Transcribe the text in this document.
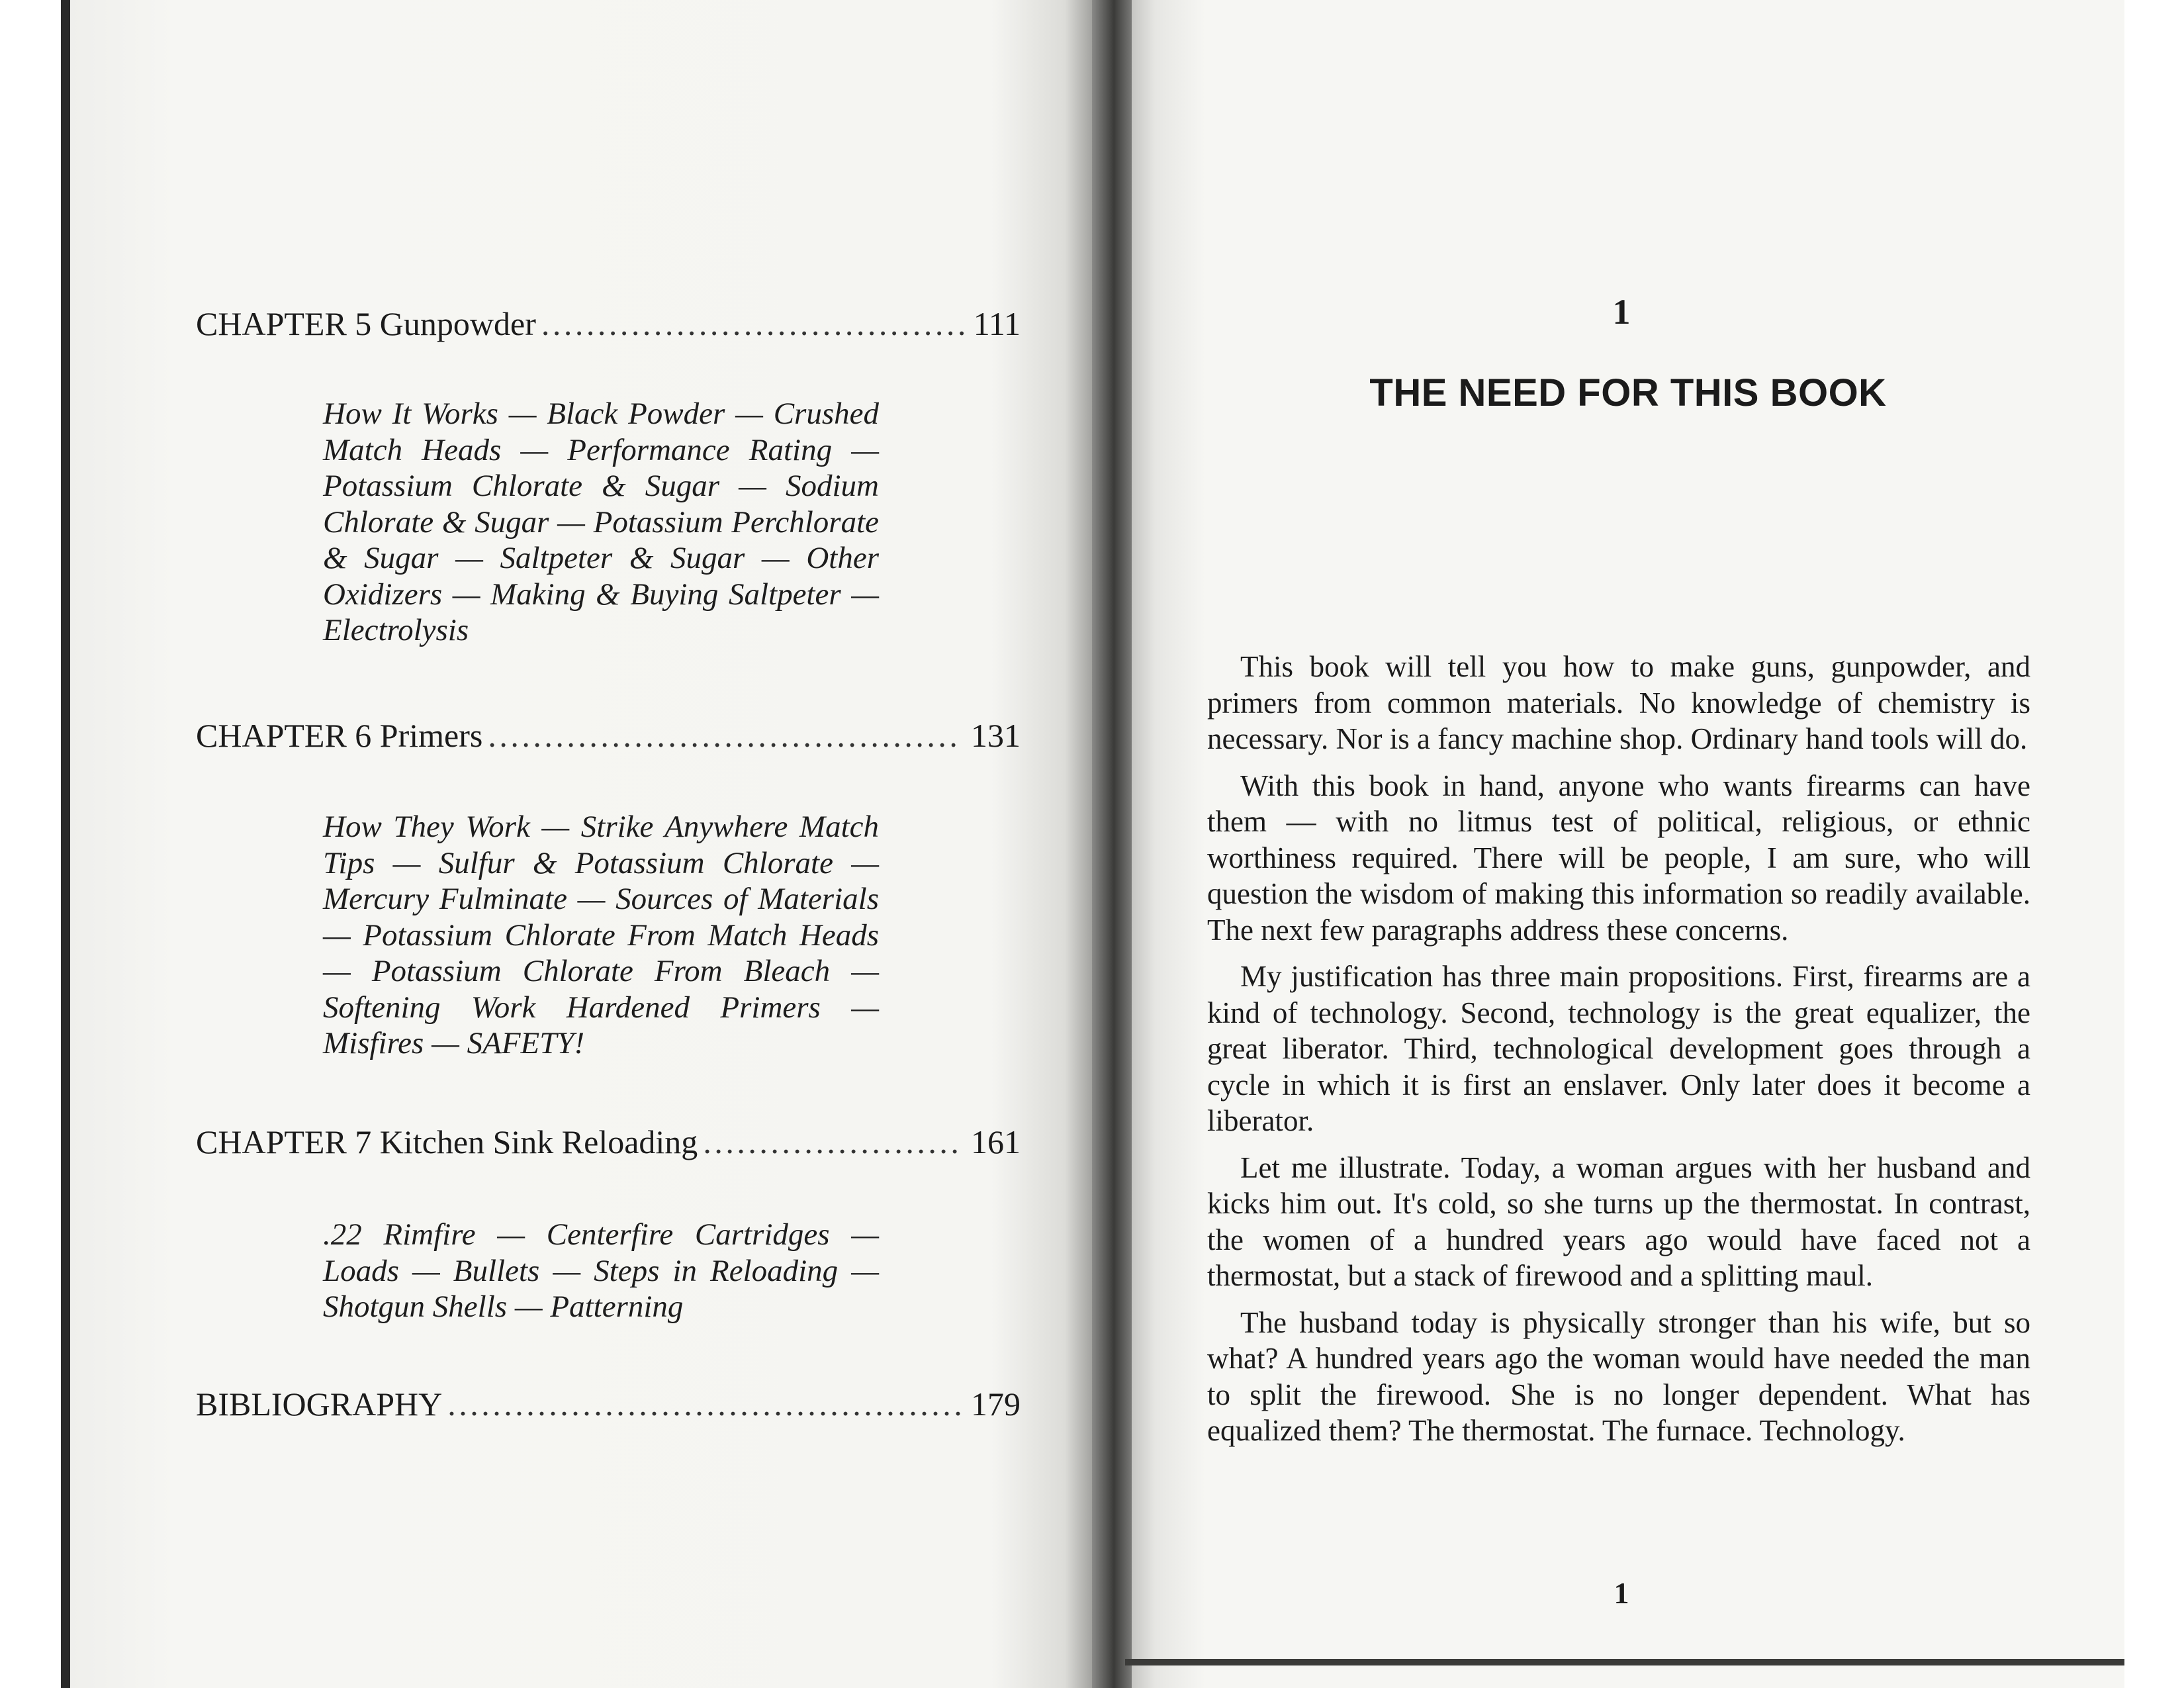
CHAPTER 5 Gunpowder . . .	111
How It Works — Black Powder — Crushed Match Heads — Performance Rating — Potassium Chlorate & Sugar — Sodium Chlorate & Sugar — Potassium Perchlorate & Sugar — Saltpeter & Sugar — Other Oxidizers — Making & Buying Saltpeter — Electrolysis
CHAPTER 6 Primers . . .	131
How They Work — Strike Anywhere Match Tips — Sulfur & Potassium Chlorate —Mercury Fulminate — Sources of Materials — Potassium Chlorate From Match Heads — Potassium Chlorate From Bleach — Softening Work Hardened Primers — Misfires — SAFETY!
CHAPTER 7 Kitchen Sink Reloading . . .	161
.22 Rimfire — Centerfire Cartridges — Loads — Bullets — Steps in Reloading — Shotgun Shells — Patterning
BIBLIOGRAPHY . . .	179
1
THE NEED FOR THIS BOOK

This book will tell you how to make guns, gunpowder, and primers from common materials. No knowledge of chemistry is necessary. Nor is a fancy machine shop. Ordinary hand tools will do.

With this book in hand, anyone who wants firearms can have them — with no litmus test of political, religious, or ethnic worthiness required. There will be people, I am sure, who will question the wisdom of making this information so readily available. The next few paragraphs address these concerns.

My justification has three main propositions. First, firearms are a kind of technology. Second, technology is the great equalizer, the great liberator. Third, technological development goes through a cycle in which it is first an enslaver. Only later does it become a liberator.

Let me illustrate. Today, a woman argues with her husband and kicks him out. It's cold, so she turns up the thermostat. In contrast, the women of a hundred years ago would have faced not a thermostat, but a stack of firewood and a splitting maul.

The husband today is physically stronger than his wife, but so what? A hundred years ago the woman would have needed the man to split the firewood. She is no longer dependent. What has equalized them? The thermostat. The furnace. Technology.

1
